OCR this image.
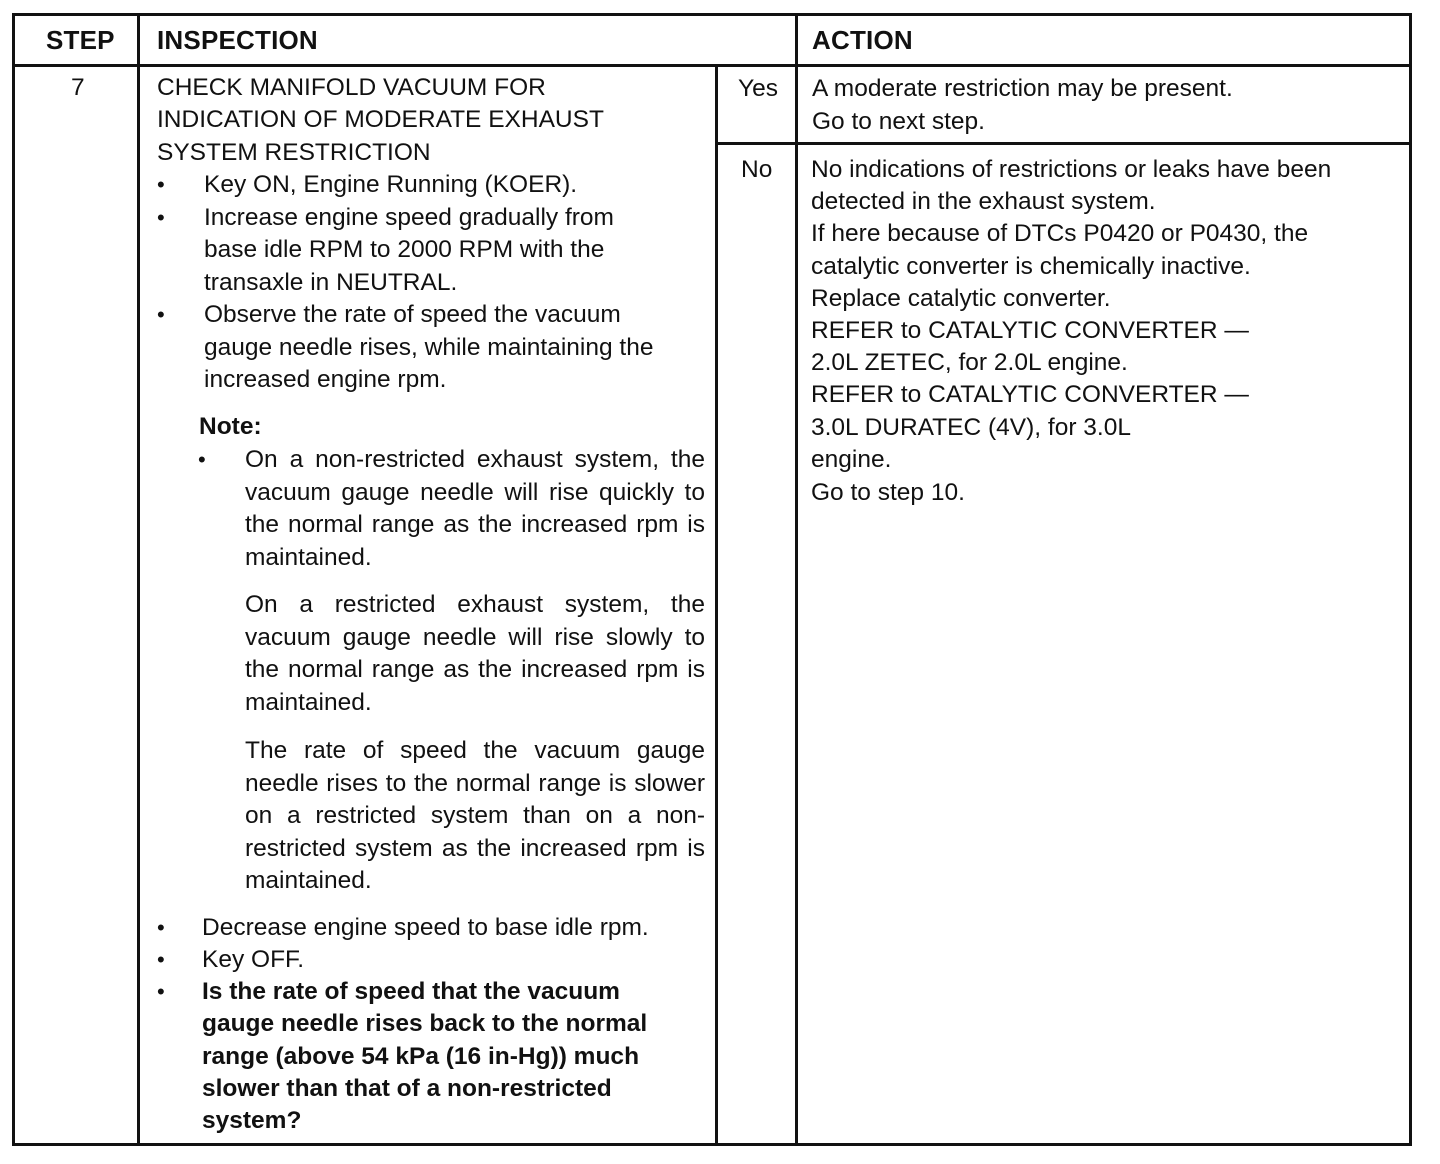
STEP INSPECTION	ACTION
7	CHECK MANIFOLD VACUUM FOR
INDICATION OF MODERATE EXHAUST
SYSTEM RESTRICTION
• Key ON, Engine Running (KOER).
• Increase engine speed gradually from
base idle RPM to 2000 RPM with the
transaxle in NEUTRAL.
• Observe the rate of speed the vacuum
gauge needle rises, while maintaining the
increased engine rpm.
Note:
• On a non-restricted exhaust system, the vacuum gauge needle will rise quickly to the normal range as the increased rpm is maintained.
On a restricted exhaust system, the vacuum gauge needle will rise slowly to the normal range as the increased rpm is maintained.
The rate of speed the vacuum gauge needle rises to the normal range is slower on a restricted system than on a non-restricted system as the increased rpm is maintained.
• Decrease engine speed to base idle rpm.
• Key OFF.
• Is the rate of speed that the vacuum
gauge needle rises back to the normal
range (above 54 kPa (16 in-Hg)) much
slower than that of a non-restricted
system?
Yes
No
A moderate restriction may be present.
Go to next step.
No indications of restrictions or leaks have been
detected in the exhaust system.
If here because of DTCs P0420 or P0430, the
catalytic converter is chemically inactive.
Replace catalytic converter.
REFER to CATALYTIC CONVERTER —
2.0L ZETEC, for 2.0L engine.
REFER to CATALYTIC CONVERTER —
3.0L DURATEC (4V), for 3.0L
engine.
Go to step 10.
